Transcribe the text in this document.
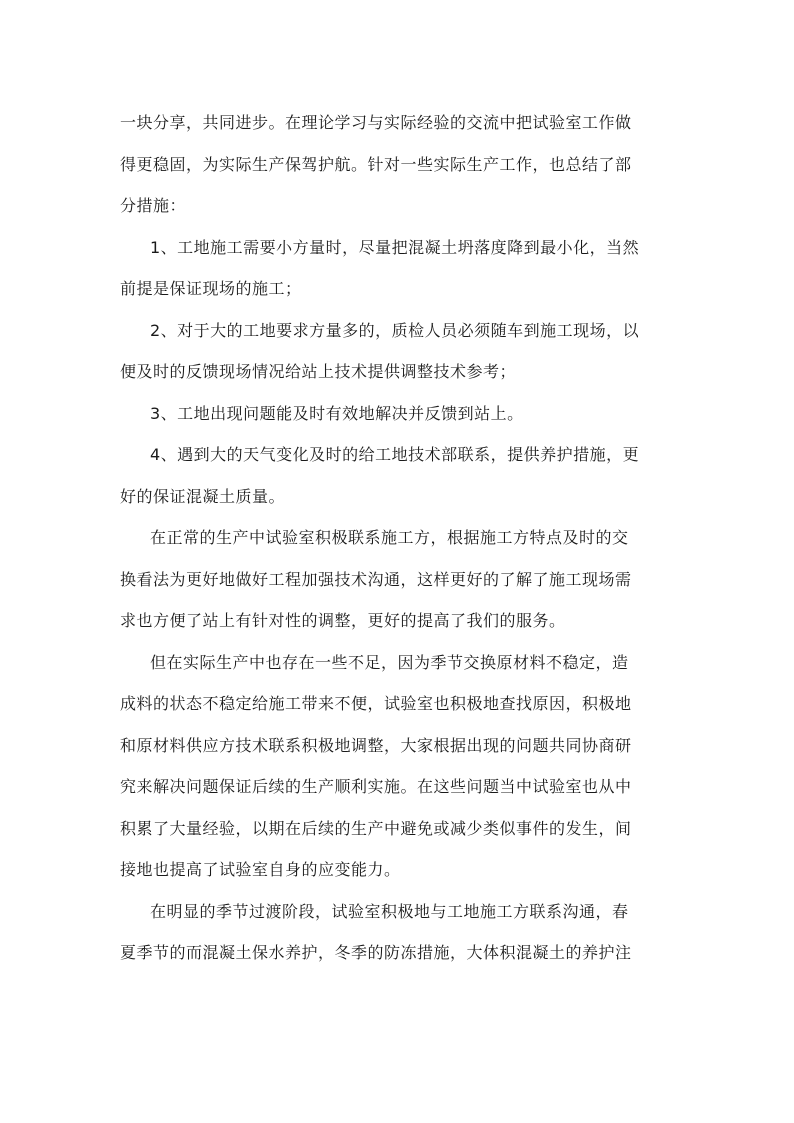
一块分享，共同进步。在理论学习与实际经验的交流中把试验室工作做
得更稳固，为实际生产保驾护航。针对一些实际生产工作，也总结了部
分措施：

1、工地施工需要小方量时，尽量把混凝土坍落度降到最小化，当然
前提是保证现场的施工；

2、对于大的工地要求方量多的，质检人员必须随车到施工现场，以
便及时的反馈现场情况给站上技术提供调整技术参考；

3、工地出现问题能及时有效地解决并反馈到站上。

4、遇到大的天气变化及时的给工地技术部联系，提供养护措施，更
好的保证混凝土质量。

在正常的生产中试验室积极联系施工方，根据施工方特点及时的交
换看法为更好地做好工程加强技术沟通，这样更好的了解了施工现场需
求也方便了站上有针对性的调整，更好的提高了我们的服务。

但在实际生产中也存在一些不足，因为季节交换原材料不稳定，造
成料的状态不稳定给施工带来不便，试验室也积极地查找原因，积极地
和原材料供应方技术联系积极地调整，大家根据出现的问题共同协商研
究来解决问题保证后续的生产顺利实施。在这些问题当中试验室也从中
积累了大量经验，以期在后续的生产中避免或减少类似事件的发生，间
接地也提高了试验室自身的应变能力。

在明显的季节过渡阶段，试验室积极地与工地施工方联系沟通，春
夏季节的而混凝土保水养护，冬季的防冻措施，大体积混凝土的养护注
